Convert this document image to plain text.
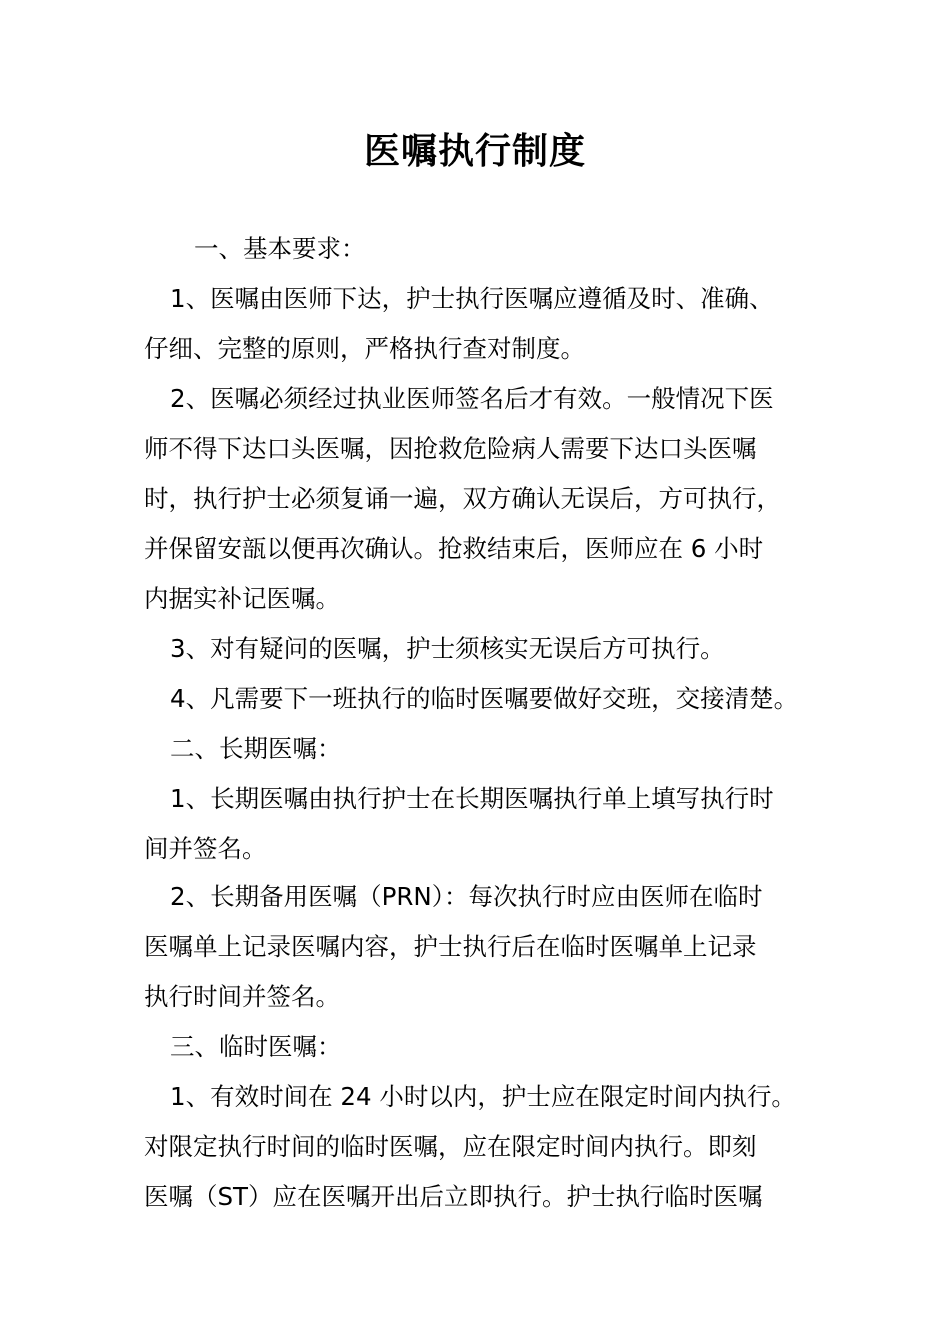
医嘱执行制度
一、基本要求：
1、医嘱由医师下达，护士执行医嘱应遵循及时、准确、
仔细、完整的原则，严格执行查对制度。
2、医嘱必须经过执业医师签名后才有效。一般情况下医
师不得下达口头医嘱，因抢救危险病人需要下达口头医嘱
时，执行护士必须复诵一遍，双方确认无误后，方可执行，
并保留安瓿以便再次确认。抢救结束后，医师应在 6 小时
内据实补记医嘱。
3、对有疑问的医嘱，护士须核实无误后方可执行。
4、凡需要下一班执行的临时医嘱要做好交班，交接清楚。
二、长期医嘱：
1、长期医嘱由执行护士在长期医嘱执行单上填写执行时
间并签名。
2、长期备用医嘱（PRN）：每次执行时应由医师在临时
医嘱单上记录医嘱内容，护士执行后在临时医嘱单上记录
执行时间并签名。
三、临时医嘱：
1、有效时间在 24 小时以内，护士应在限定时间内执行。
对限定执行时间的临时医嘱，应在限定时间内执行。即刻
医嘱（ST）应在医嘱开出后立即执行。护士执行临时医嘱
